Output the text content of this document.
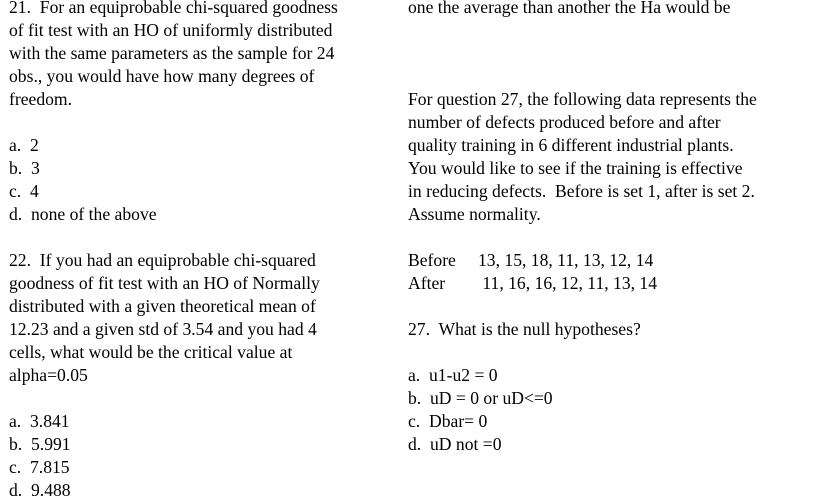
21.  For an equiprobable chi-squared goodness
of fit test with an HO of uniformly distributed
with the same parameters as the sample for 24
obs., you would have how many degrees of
freedom.
a.  2
b.  3
c.  4
d.  none of the above
22.  If you had an equiprobable chi-squared
goodness of fit test with an HO of Normally
distributed with a given theoretical mean of
12.23 and a given std of 3.54 and you had 4
cells, what would be the critical value at
alpha=0.05
a.  3.841
b.  5.991
c.  7.815
d.  9.488
one the average than another the Ha would be
For question 27, the following data represents the
number of defects produced before and after
quality training in 6 different industrial plants.
You would like to see if the training is effective
in reducing defects.  Before is set 1, after is set 2.
Assume normality.
Before 13, 15, 18, 11, 13, 12, 14
After 11, 16, 16, 12, 11, 13, 14
27.  What is the null hypotheses?
a.  u1-u2 = 0
b.  uD = 0 or uD<=0
c.  Dbar= 0
d.  uD not =0
